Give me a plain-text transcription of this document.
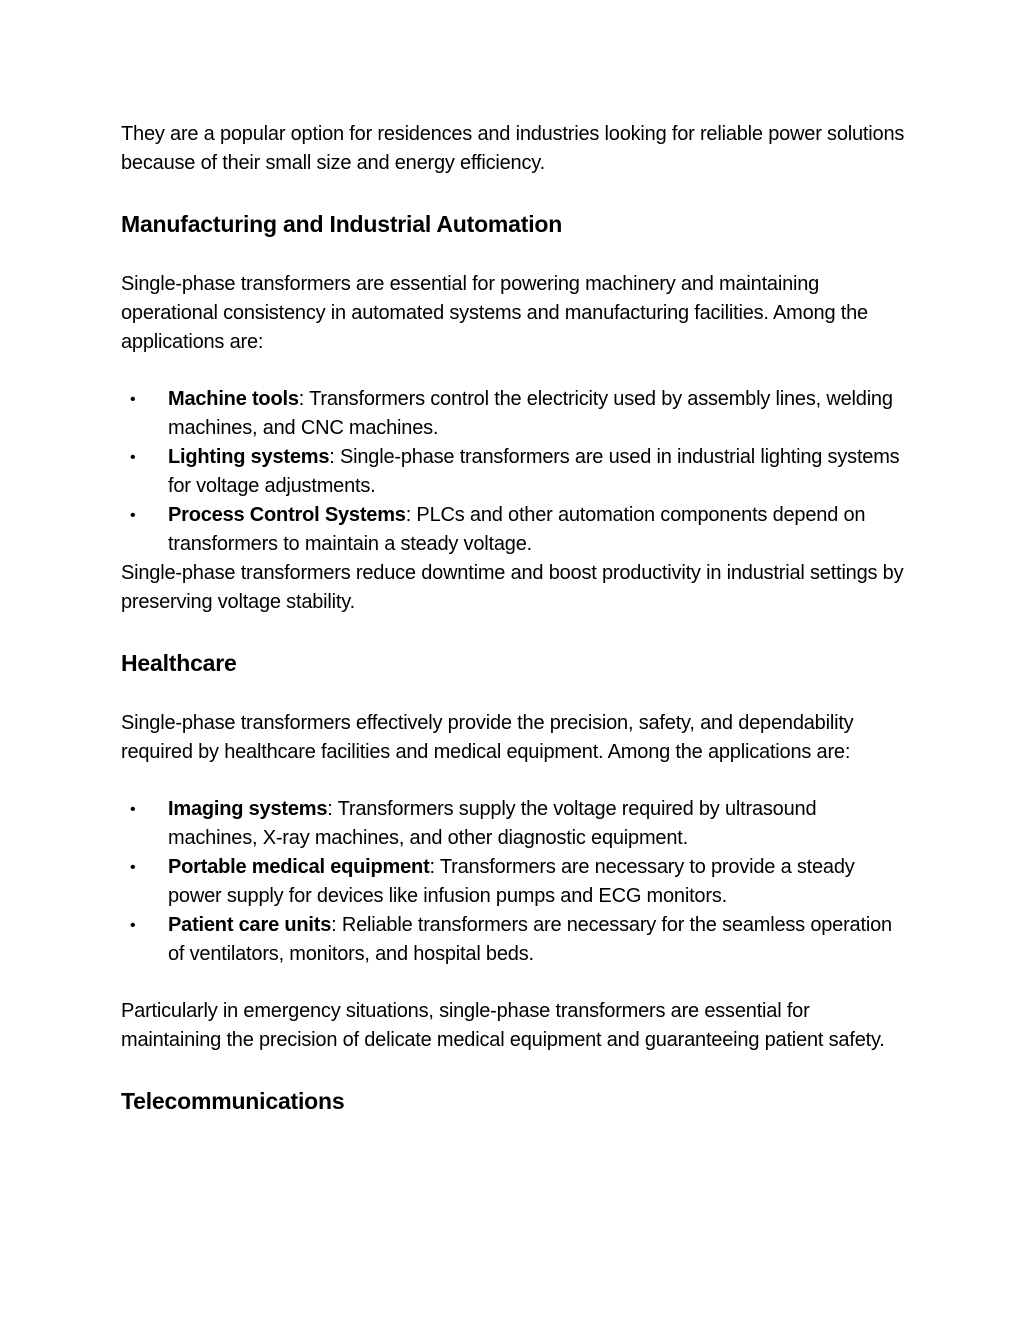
They are a popular option for residences and industries looking for reliable power solutions because of their small size and energy efficiency.

Manufacturing and Industrial Automation

Single-phase transformers are essential for powering machinery and maintaining operational consistency in automated systems and manufacturing facilities. Among the applications are:

• Machine tools: Transformers control the electricity used by assembly lines, welding machines, and CNC machines.
• Lighting systems: Single-phase transformers are used in industrial lighting systems for voltage adjustments.
• Process Control Systems: PLCs and other automation components depend on transformers to maintain a steady voltage.

Single-phase transformers reduce downtime and boost productivity in industrial settings by preserving voltage stability.

Healthcare

Single-phase transformers effectively provide the precision, safety, and dependability required by healthcare facilities and medical equipment. Among the applications are:

• Imaging systems: Transformers supply the voltage required by ultrasound machines, X-ray machines, and other diagnostic equipment.
• Portable medical equipment: Transformers are necessary to provide a steady power supply for devices like infusion pumps and ECG monitors.
• Patient care units: Reliable transformers are necessary for the seamless operation of ventilators, monitors, and hospital beds.

Particularly in emergency situations, single-phase transformers are essential for maintaining the precision of delicate medical equipment and guaranteeing patient safety.

Telecommunications
